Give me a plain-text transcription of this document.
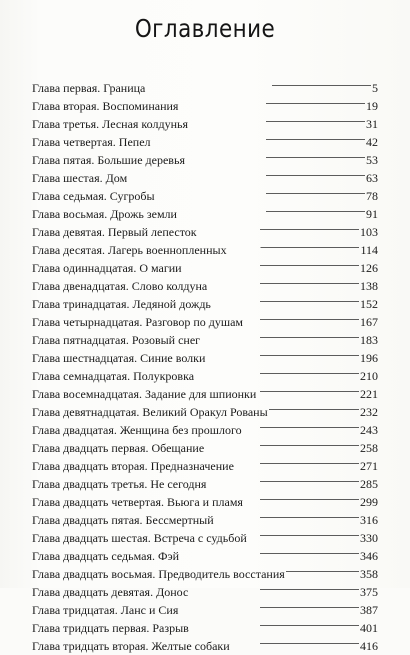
Оглавление
Глава первая. Граница . . .	5
Глава вторая. Воспоминания . . .	19
Глава третья. Лесная колдунья . . .	31
Глава четвертая. Пепел . . .	42
Глава пятая. Большие деревья . . .	53
Глава шестая. Дом . . .	63
Глава седьмая. Сугробы . . .	78
Глава восьмая. Дрожь земли . . .	91
Глава девятая. Первый лепесток . . .	103
Глава десятая. Лагерь военнопленных . . .	114
Глава одиннадцатая. О магии . . .	126
Глава двенадцатая. Слово колдуна . . .	138
Глава тринадцатая. Ледяной дождь . . .	152
Глава четырнадцатая. Разговор по душам . . .	167
Глава пятнадцатая. Розовый снег . . .	183
Глава шестнадцатая. Синие волки . . .	196
Глава семнадцатая. Полукровка . . .	210
Глава восемнадцатая. Задание для шпионки . . .	221
Глава девятнадцатая. Великий Оракул Рованы . . .	232
Глава двадцатая. Женщина без прошлого . . .	243
Глава двадцать первая. Обещание . . .	258
Глава двадцать вторая. Предназначение . . .	271
Глава двадцать третья. Не сегодня . . .	285
Глава двадцать четвертая. Вьюга и пламя . . .	299
Глава двадцать пятая. Бессмертный . . .	316
Глава двадцать шестая. Встреча с судьбой . . .	330
Глава двадцать седьмая. Фэй . . .	346
Глава двадцать восьмая. Предводитель восстания . . .	358
Глава двадцать девятая. Донос . . .	375
Глава тридцатая. Ланс и Сия . . .	387
Глава тридцать первая. Разрыв . . .	401
Глава тридцать вторая. Желтые собаки . . .	416
